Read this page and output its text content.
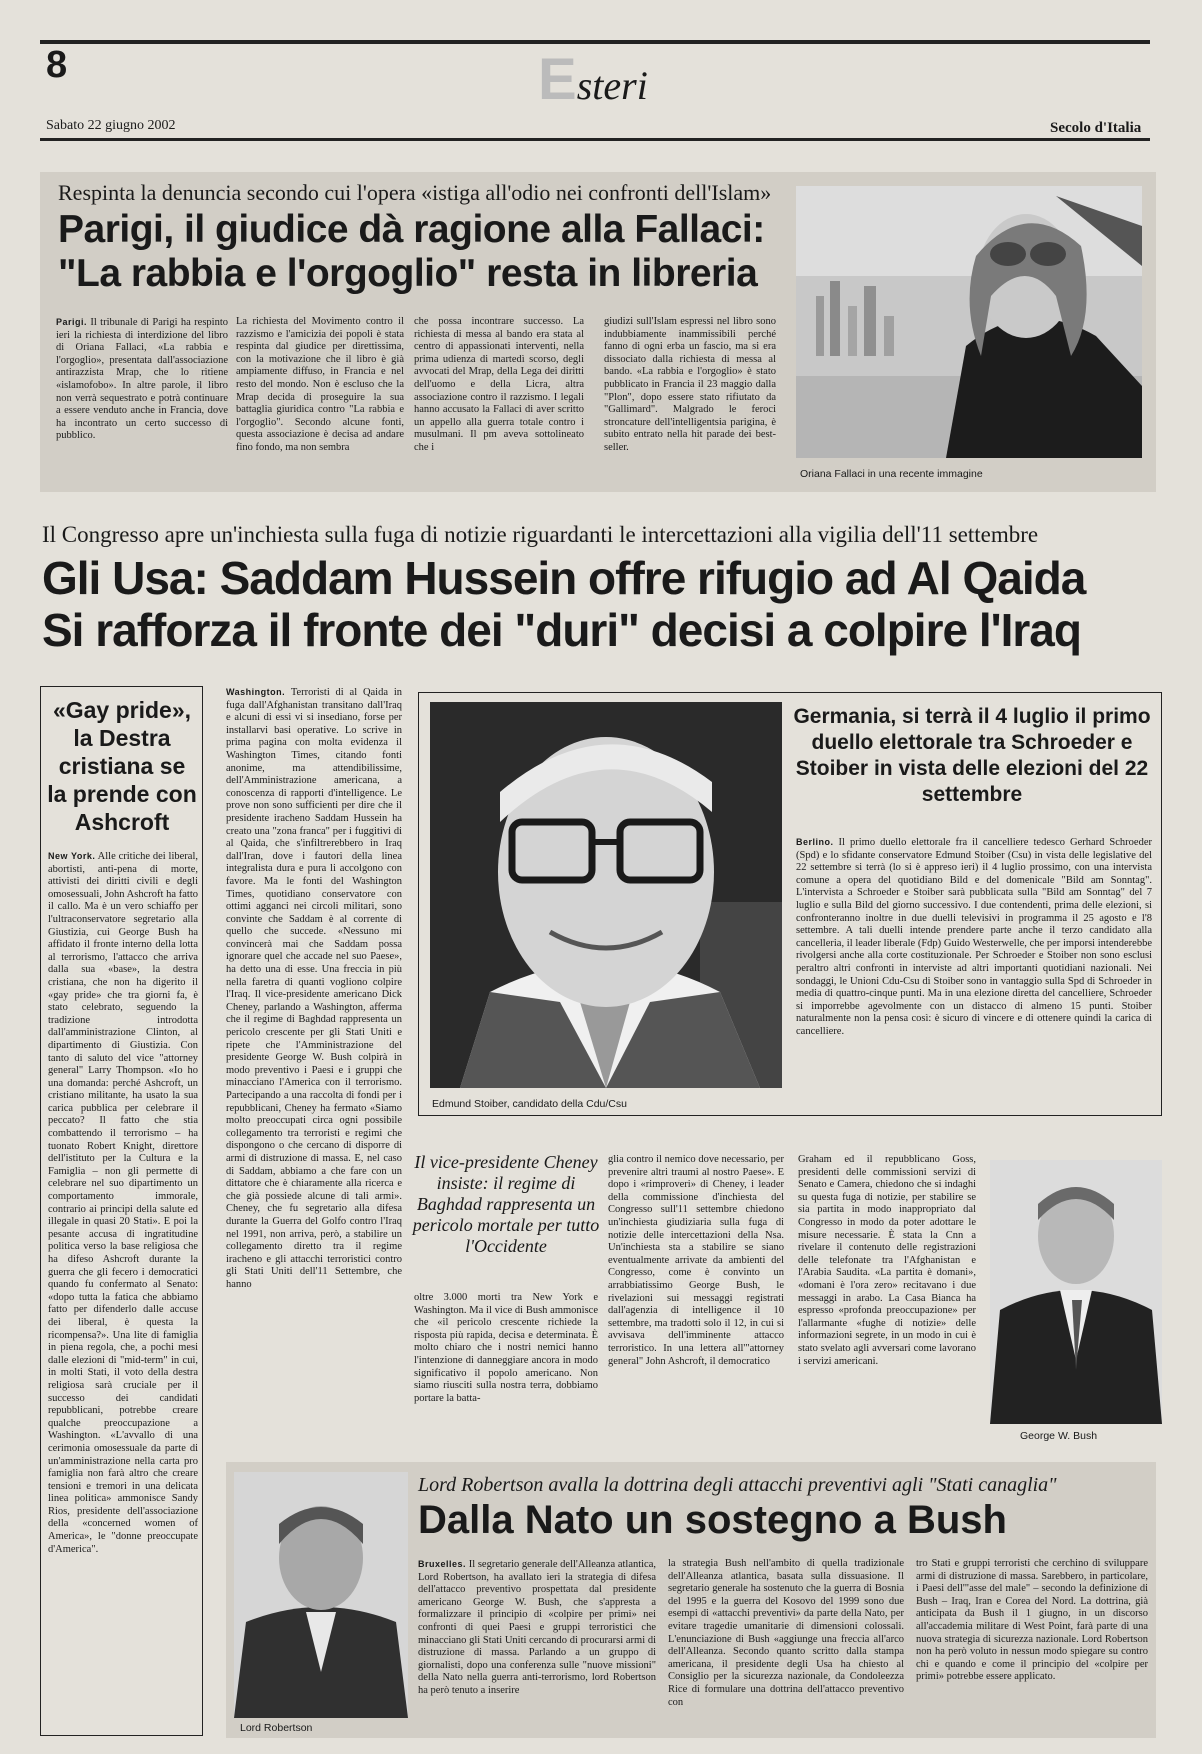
8	Esteri
Sabato 22 giugno 2002	Secolo d'Italia
Respinta la denuncia secondo cui l'opera «istiga all'odio nei confronti dell'Islam»
Parigi, il giudice dà ragione alla Fallaci:
"La rabbia e l'orgoglio" resta in libreria
Parigi. Il tribunale di Parigi ha respinto ieri la richiesta di interdizione del libro di Oriana Fallaci, «La rabbia e l'orgoglio», presentata dall'associazione antirazzista Mrap, che lo ritiene «islamofobo». In altre parole, il libro non verrà sequestrato e potrà continuare a essere venduto anche in Francia, dove ha incontrato un certo successo di pubblico.
La richiesta del Movimento contro il razzismo e l'amicizia dei popoli è stata respinta dal giudice per direttissima, con la motivazione che il libro è già ampiamente diffuso, in Francia e nel resto del mondo. Non è escluso che la Mrap decida di proseguire la sua battaglia giuridica contro "La rabbia e l'orgoglio". Secondo alcune fonti, questa associazione è decisa ad andare fino fondo, ma non sembra
che possa incontrare successo. La richiesta di messa al bando era stata al centro di appassionati interventi, nella prima udienza di martedì scorso, degli avvocati del Mrap, della Lega dei diritti dell'uomo e della Licra, altra associazione contro il razzismo. I legali hanno accusato la Fallaci di aver scritto un appello alla guerra totale contro i musulmani. Il pm aveva sottolineato che i
giudizi sull'Islam espressi nel libro sono indubbiamente inammissibili perché fanno di ogni erba un fascio, ma si era dissociato dalla richiesta di messa al bando. «La rabbia e l'orgoglio» è stato pubblicato in Francia il 23 maggio dalla "Plon", dopo essere stato rifiutato da "Gallimard". Malgrado le feroci stroncature dell'intelligentsia parigina, è subito entrato nella hit parade dei best-seller.
Oriana Fallaci in una recente immagine
Il Congresso apre un'inchiesta sulla fuga di notizie riguardanti le intercettazioni alla vigilia dell'11 settembre
Gli Usa: Saddam Hussein offre rifugio ad Al Qaida
Si rafforza il fronte dei "duri" decisi a colpire l'Iraq
«Gay pride», la Destra cristiana se la prende con Ashcroft
New York. Alle critiche dei liberal, abortisti, anti-pena di morte, attivisti dei diritti civili e degli omosessuali, John Ashcroft ha fatto il callo. Ma è un vero schiaffo per l'ultraconservatore segretario alla Giustizia, cui George Bush ha affidato il fronte interno della lotta al terrorismo, l'attacco che arriva dalla sua «base», la destra cristiana, che non ha digerito il «gay pride» che tra giorni fa, è stato celebrato, seguendo la tradizione introdotta dall'amministrazione Clinton, al dipartimento di Giustizia. Con tanto di saluto del vice "attorney general" Larry Thompson. «Io ho una domanda: perché Ashcroft, un cristiano militante, ha usato la sua carica pubblica per celebrare il peccato? Il fatto che stia combattendo il terrorismo – ha tuonato Robert Knight, direttore dell'istituto per la Cultura e la Famiglia – non gli permette di celebrare nel suo dipartimento un comportamento immorale, contrario ai principi della salute ed illegale in quasi 20 Stati». E poi la pesante accusa di ingratitudine politica verso la base religiosa che ha difeso Ashcroft durante la guerra che gli fecero i democratici quando fu confermato al Senato: «dopo tutta la fatica che abbiamo fatto per difenderlo dalle accuse dei liberal, è questa la ricompensa?». Una lite di famiglia in piena regola, che, a pochi mesi dalle elezioni di "mid-term" in cui, in molti Stati, il voto della destra religiosa sarà cruciale per il successo dei candidati repubblicani, potrebbe creare qualche preoccupazione a Washington. «L'avvallo di una cerimonia omosessuale da parte di un'amministrazione nella carta pro famiglia non farà altro che creare tensioni e tremori in una delicata linea politica» ammonisce Sandy Rios, presidente dell'associazione della «concerned women of America», le "donne preoccupate d'America".
Washington. Terroristi di al Qaida in fuga dall'Afghanistan transitano dall'Iraq e alcuni di essi vi si insediano, forse per installarvi basi operative. Lo scrive in prima pagina con molta evidenza il Washington Times, citando fonti anonime, ma attendibilissime, dell'Amministrazione americana, a conoscenza di rapporti d'intelligence. Le prove non sono sufficienti per dire che il presidente iracheno Saddam Hussein ha creato una "zona franca" per i fuggitivi di al Qaida, che s'infiltrerebbero in Iraq dall'Iran, dove i fautori della linea integralista dura e pura li accolgono con favore. Ma le fonti del Washington Times, quotidiano conservatore con ottimi agganci nei circoli militari, sono convinte che Saddam è al corrente di quello che succede. «Nessuno mi convincerà mai che Saddam possa ignorare quel che accade nel suo Paese», ha detto una di esse. Una freccia in più nella faretra di quanti vogliono colpire l'Iraq. Il vice-presidente americano Dick Cheney, parlando a Washington, afferma che il regime di Baghdad rappresenta un pericolo crescente per gli Stati Uniti e ripete che l'Amministrazione del presidente George W. Bush colpirà in modo preventivo i Paesi e i gruppi che minacciano l'America con il terrorismo. Partecipando a una raccolta di fondi per i repubblicani, Cheney ha fermato «Siamo molto preoccupati circa ogni possibile collegamento tra terroristi e regimi che dispongono o che cercano di disporre di armi di distruzione di massa. E, nel caso di Saddam, abbiamo a che fare con un dittatore che è chiaramente alla ricerca e che già possiede alcune di tali armi». Cheney, che fu segretario alla difesa durante la Guerra del Golfo contro l'Iraq nel 1991, non arriva, però, a stabilire un collegamento diretto tra il regime iracheno e gli attacchi terroristici contro gli Stati Uniti dell'11 Settembre, che hanno
Edmund Stoiber, candidato della Cdu/Csu
Germania, si terrà il 4 luglio il primo duello elettorale tra Schroeder e Stoiber in vista delle elezioni del 22 settembre
Berlino. Il primo duello elettorale fra il cancelliere tedesco Gerhard Schroeder (Spd) e lo sfidante conservatore Edmund Stoiber (Csu) in vista delle legislative del 22 settembre si terrà (lo si è appreso ieri) il 4 luglio prossimo, con una intervista comune a opera del quotidiano Bild e del domenicale "Bild am Sonntag". L'intervista a Schroeder e Stoiber sarà pubblicata sulla "Bild am Sonntag" del 7 luglio e sulla Bild del giorno successivo. I due contendenti, prima delle elezioni, si confronteranno inoltre in due duelli televisivi in programma il 25 agosto e l'8 settembre. A tali duelli intende prendere parte anche il terzo candidato alla cancelleria, il leader liberale (Fdp) Guido Westerwelle, che per imporsi intenderebbe rivolgersi anche alla corte costituzionale. Per Schroeder e Stoiber non sono esclusi peraltro altri confronti in interviste ad altri importanti quotidiani nazionali. Nei sondaggi, le Unioni Cdu-Csu di Stoiber sono in vantaggio sulla Spd di Schroeder in media di quattro-cinque punti. Ma in una elezione diretta del cancelliere, Schroeder si imporrebbe agevolmente con un distacco di almeno 15 punti. Stoiber naturalmente non la pensa così: è sicuro di vincere e di ottenere quindi la carica di cancelliere.
Il vice-presidente Cheney insiste: il regime di Baghdad rappresenta un pericolo mortale per tutto l'Occidente
oltre 3.000 morti tra New York e Washington. Ma il vice di Bush ammonisce che «il pericolo crescente richiede la risposta più rapida, decisa e determinata. È molto chiaro che i nostri nemici hanno l'intenzione di danneggiare ancora in modo significativo il popolo americano. Non siamo riusciti sulla nostra terra, dobbiamo portare la batta-
glia contro il nemico dove necessario, per prevenire altri traumi al nostro Paese». E dopo i «rimproveri» di Cheney, i leader della commissione d'inchiesta del Congresso sull'11 settembre chiedono un'inchiesta giudiziaria sulla fuga di notizie delle intercettazioni della Nsa. Un'inchiesta sta a stabilire se siano eventualmente arrivate da ambienti del Congresso, come è convinto un arrabbiatissimo George Bush, le rivelazioni sui messaggi registrati dall'agenzia di intelligence il 10 settembre, ma tradotti solo il 12, in cui si avvisava dell'imminente attacco terroristico. In una lettera all'"attorney general" John Ashcroft, il democratico
Graham ed il repubblicano Goss, presidenti delle commissioni servizi di Senato e Camera, chiedono che si indaghi su questa fuga di notizie, per stabilire se sia partita in modo inappropriato dal Congresso in modo da poter adottare le misure necessarie. È stata la Cnn a rivelare il contenuto delle registrazioni delle telefonate tra l'Afghanistan e l'Arabia Saudita. «La partita è domani», «domani è l'ora zero» recitavano i due messaggi in arabo. La Casa Bianca ha espresso «profonda preoccupazione» per l'allarmante «fughe di notizie» delle informazioni segrete, in un modo in cui è stato svelato agli avversari come lavorano i servizi americani.
George W. Bush
Lord Robertson
Lord Robertson avalla la dottrina degli attacchi preventivi agli "Stati canaglia"
Dalla Nato un sostegno a Bush
Bruxelles. Il segretario generale dell'Alleanza atlantica, Lord Robertson, ha avallato ieri la strategia di difesa dell'attacco preventivo prospettata dal presidente americano George W. Bush, che s'appresta a formalizzare il principio di «colpire per primi» nei confronti di quei Paesi e gruppi terroristici che minacciano gli Stati Uniti cercando di procurarsi armi di distruzione di massa. Parlando a un gruppo di giornalisti, dopo una conferenza sulle "nuove missioni" della Nato nella guerra anti-terrorismo, lord Robertson ha però tenuto a inserire
la strategia Bush nell'ambito di quella tradizionale dell'Alleanza atlantica, basata sulla dissuasione. Il segretario generale ha sostenuto che la guerra di Bosnia del 1995 e la guerra del Kosovo del 1999 sono due esempi di «attacchi preventivi» da parte della Nato, per evitare tragedie umanitarie di dimensioni colossali. L'enunciazione di Bush «aggiunge una freccia all'arco dell'Alleanza. Secondo quanto scritto dalla stampa americana, il presidente degli Usa ha chiesto al Consiglio per la sicurezza nazionale, da Condoleezza Rice di formulare una dottrina dell'attacco preventivo con
tro Stati e gruppi terroristi che cerchino di sviluppare armi di distruzione di massa. Sarebbero, in particolare, i Paesi dell'"asse del male" – secondo la definizione di Bush – Iraq, Iran e Corea del Nord. La dottrina, già anticipata da Bush il 1 giugno, in un discorso all'accademia militare di West Point, farà parte di una nuova strategia di sicurezza nazionale. Lord Robertson non ha però voluto in nessun modo spiegare su contro chi e quando e come il principio del «colpire per primi» potrebbe essere applicato.
